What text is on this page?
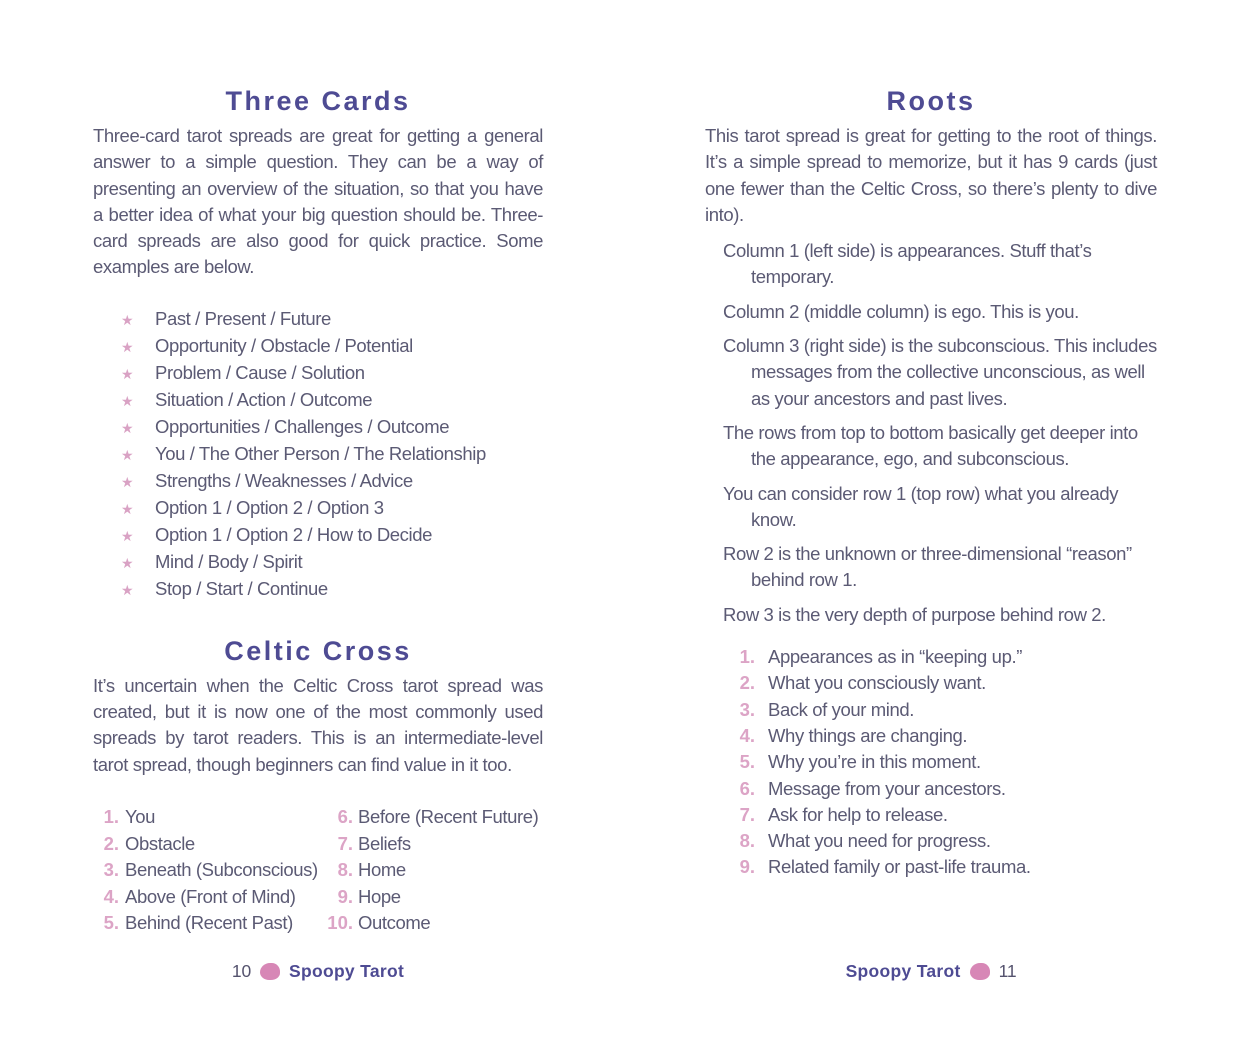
Three Cards

Three-card tarot spreads are great for getting a general answer to a simple question. They can be a way of presenting an overview of the situation, so that you have a better idea of what your big question should be. Three-card spreads are also good for quick practice. Some examples are below.

★	Past / Present / Future
★	Opportunity / Obstacle / Potential
★	Problem / Cause / Solution
★	Situation / Action / Outcome
★	Opportunities / Challenges / Outcome
★	You / The Other Person / The Relationship
★	Strengths / Weaknesses / Advice
★	Option 1 / Option 2 / Option 3
★	Option 1 / Option 2 / How to Decide
★	Mind / Body / Spirit
★	Stop / Start / Continue
Celtic Cross

It’s uncertain when the Celtic Cross tarot spread was created, but it is now one of the most commonly used spreads by tarot readers. This is an intermediate-level tarot spread, though beginners can find value in it too.

1. You
2. Obstacle
3. Beneath (Subconscious)
4. Above (Front of Mind)
5. Behind (Recent Past)
6. Before (Recent Future)
7. Beliefs
8. Home
9. Hope
10. Outcome
Roots

This tarot spread is great for getting to the root of things. It’s a simple spread to memorize, but it has 9 cards (just one fewer than the Celtic Cross, so there’s plenty to dive into).

Column 1 (left side) is appearances. Stuff that’s temporary.

Column 2 (middle column) is ego. This is you.

Column 3 (right side) is the subconscious. This includes messages from the collective unconscious, as well as your ancestors and past lives.

The rows from top to bottom basically get deeper into the appearance, ego, and subconscious.

You can consider row 1 (top row) what you already know.

Row 2 is the unknown or three-dimensional “reason” behind row 1.

Row 3 is the very depth of purpose behind row 2.

1. Appearances as in “keeping up.”
2. What you consciously want.
3. Back of your mind.
4. Why things are changing.
5. Why you’re in this moment.
6. Message from your ancestors.
7. Ask for help to release.
8. What you need for progress.
9. Related family or past-life trauma.
10 Spoopy Tarot	Spoopy Tarot 11
